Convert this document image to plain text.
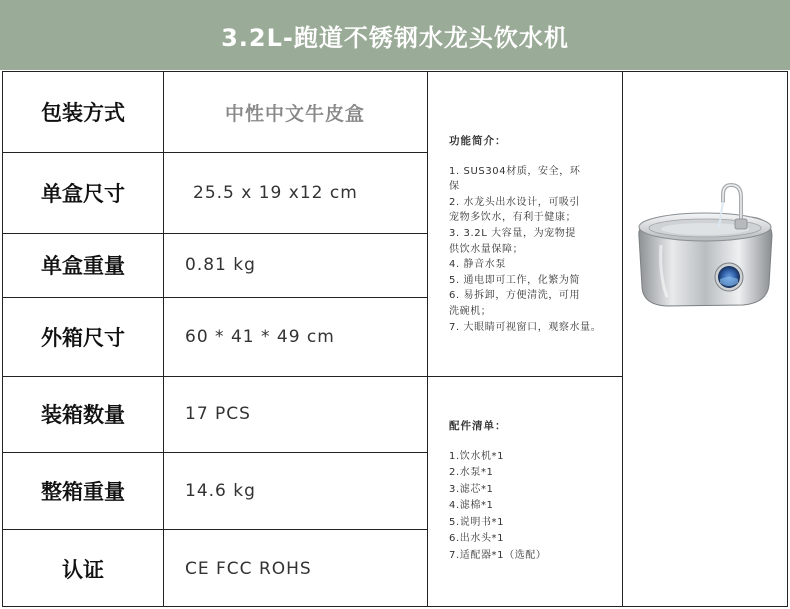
3.2L-跑道不锈钢水龙头饮水机
包装方式	中性中文牛皮盒
单盒尺寸	25.5 x 19 x12 cm
单盒重量	0.81 kg
外箱尺寸	60 * 41 * 49 cm
装箱数量	17 PCS
整箱重量	14.6 kg
认证	CE FCC ROHS
功能简介：
1. SUS304材质，安全，环
保
2. 水龙头出水设计，可吸引
宠物多饮水，有利于健康；
3. 3.2L 大容量，为宠物提
供饮水量保障；
4. 静音水泵
5. 通电即可工作，化繁为简
6. 易拆卸，方便清洗，可用
洗碗机；
7. 大眼睛可视窗口，观察水量。
配件清单：
1.饮水机*1
2.水泵*1
3.滤芯*1
4.滤棉*1
5.说明书*1
6.出水头*1
7.适配器*1（选配）
